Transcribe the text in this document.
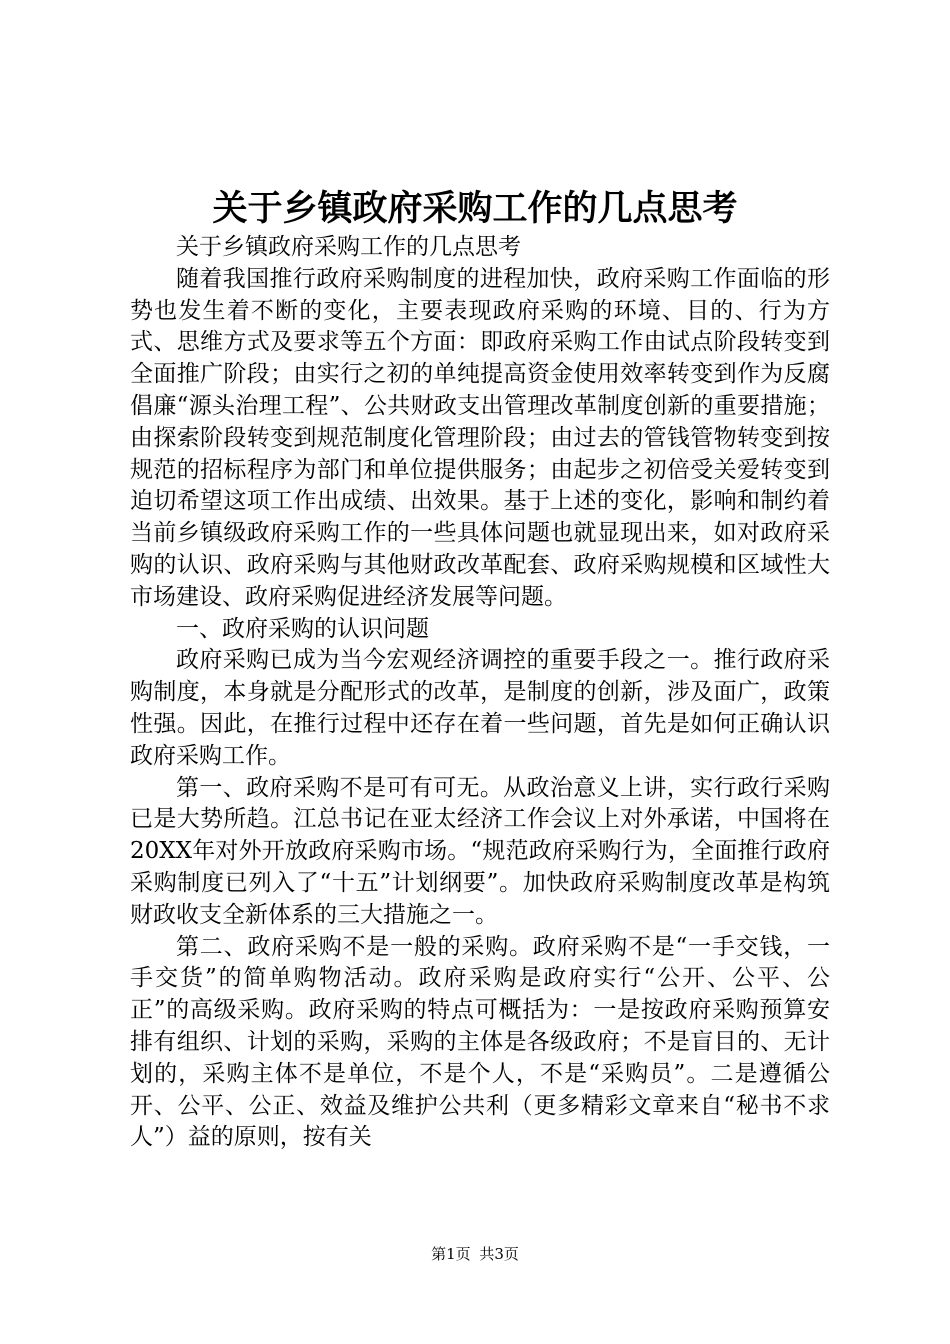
关于乡镇政府采购工作的几点思考

关于乡镇政府采购工作的几点思考

随着我国推行政府采购制度的进程加快，政府采购工作面临的形势也发生着不断的变化，主要表现政府采购的环境、目的、行为方式、思维方式及要求等五个方面：即政府采购工作由试点阶段转变到全面推广阶段；由实行之初的单纯提高资金使用效率转变到作为反腐倡廉“源头治理工程”、公共财政支出管理改革制度创新的重要措施；由探索阶段转变到规范制度化管理阶段；由过去的管钱管物转变到按规范的招标程序为部门和单位提供服务；由起步之初倍受关爱转变到迫切希望这项工作出成绩、出效果。基于上述的变化，影响和制约着当前乡镇级政府采购工作的一些具体问题也就显现出来，如对政府采购的认识、政府采购与其他财政改革配套、政府采购规模和区域性大市场建设、政府采购促进经济发展等问题。

一、政府采购的认识问题

政府采购已成为当今宏观经济调控的重要手段之一。推行政府采购制度，本身就是分配形式的改革，是制度的创新，涉及面广，政策性强。因此，在推行过程中还存在着一些问题，首先是如何正确认识政府采购工作。

第一、政府采购不是可有可无。从政治意义上讲，实行政行采购已是大势所趋。江总书记在亚太经济工作会议上对外承诺，中国将在20XX年对外开放政府采购市场。“规范政府采购行为，全面推行政府采购制度已列入了“十五”计划纲要”。加快政府采购制度改革是构筑财政收支全新体系的三大措施之一。

第二、政府采购不是一般的采购。政府采购不是“一手交钱，一手交货”的简单购物活动。政府采购是政府实行“公开、公平、公正”的高级采购。政府采购的特点可概括为：一是按政府采购预算安排有组织、计划的采购，采购的主体是各级政府；不是盲目的、无计划的，采购主体不是单位，不是个人，不是“采购员”。二是遵循公开、公平、公正、效益及维护公共利（更多精彩文章来自“秘书不求人”）益的原则，按有关

第1页 共3页
